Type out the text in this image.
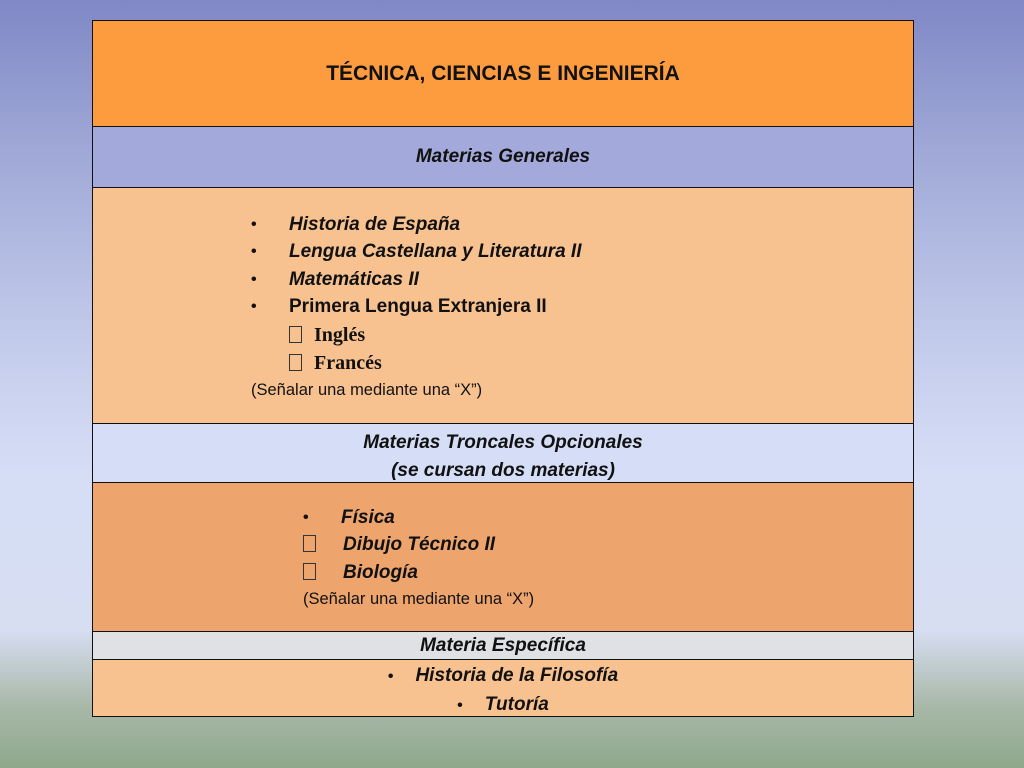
TÉCNICA, CIENCIAS E INGENIERÍA
Materias Generales
• Historia de España
• Lengua Castellana y Literatura II
• Matemáticas II
• Primera Lengua Extranjera II
Inglés
Francés
(Señalar una mediante una “X”)
Materias Troncales Opcionales
(se cursan dos materias)
• Física
Dibujo Técnico II
Biología
(Señalar una mediante una “X”)
Materia Específica
• Historia de la Filosofía
• Tutoría
